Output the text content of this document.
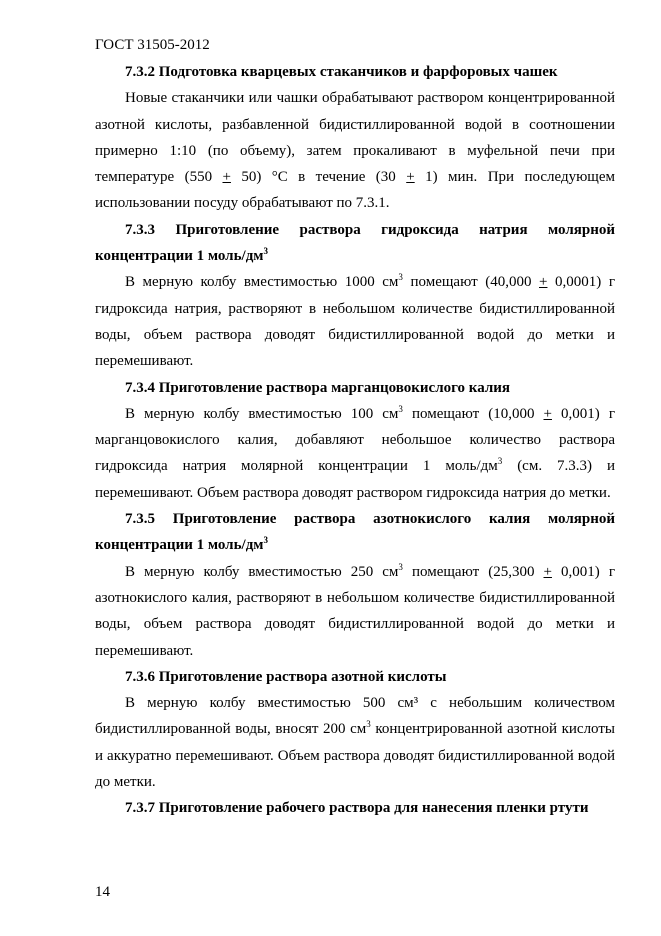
ГОСТ 31505-2012

7.3.2 Подготовка кварцевых стаканчиков и фарфоровых чашек

Новые стаканчики или чашки обрабатывают раствором концентрированной азотной кислоты, разбавленной бидистиллированной водой в соотношении примерно 1:10 (по объему), затем прокаливают в муфельной печи при температуре (550 + 50) °С в течение (30 + 1) мин. При последующем использовании посуду обрабатывают по 7.3.1.

7.3.3 Приготовление раствора гидроксида натрия молярной концентрации 1 моль/$дм^3$

В мерную колбу вместимостью 1000 $см^3$ помещают (40,000 + 0,0001) г гидроксида натрия, растворяют в небольшом количестве бидистиллированной воды, объем раствора доводят бидистиллированной водой до метки и перемешивают.

7.3.4 Приготовление раствора марганцовокислого калия

В мерную колбу вместимостью 100 $см^3$ помещают (10,000 + 0,001) г марганцовокислого калия, добавляют небольшое количество раствора гидроксида натрия молярной концентрации 1 моль/$дм^3$ (см. 7.3.3) и перемешивают. Объем раствора доводят раствором гидроксида натрия до метки.

7.3.5 Приготовление раствора азотнокислого калия молярной концентрации 1 моль/$дм^3$

В мерную колбу вместимостью 250 $см^3$ помещают (25,300 + 0,001) г азотнокислого калия, растворяют в небольшом количестве бидистиллированной воды, объем раствора доводят бидистиллированной водой до метки и перемешивают.

7.3.6 Приготовление раствора азотной кислоты

В мерную колбу вместимостью 500 см³ с небольшим количеством бидистиллированной воды, вносят 200 $см^3$ концентрированной азотной кислоты и аккуратно перемешивают. Объем раствора доводят бидистиллированной водой до метки.

7.3.7 Приготовление рабочего раствора для нанесения пленки ртути

14
